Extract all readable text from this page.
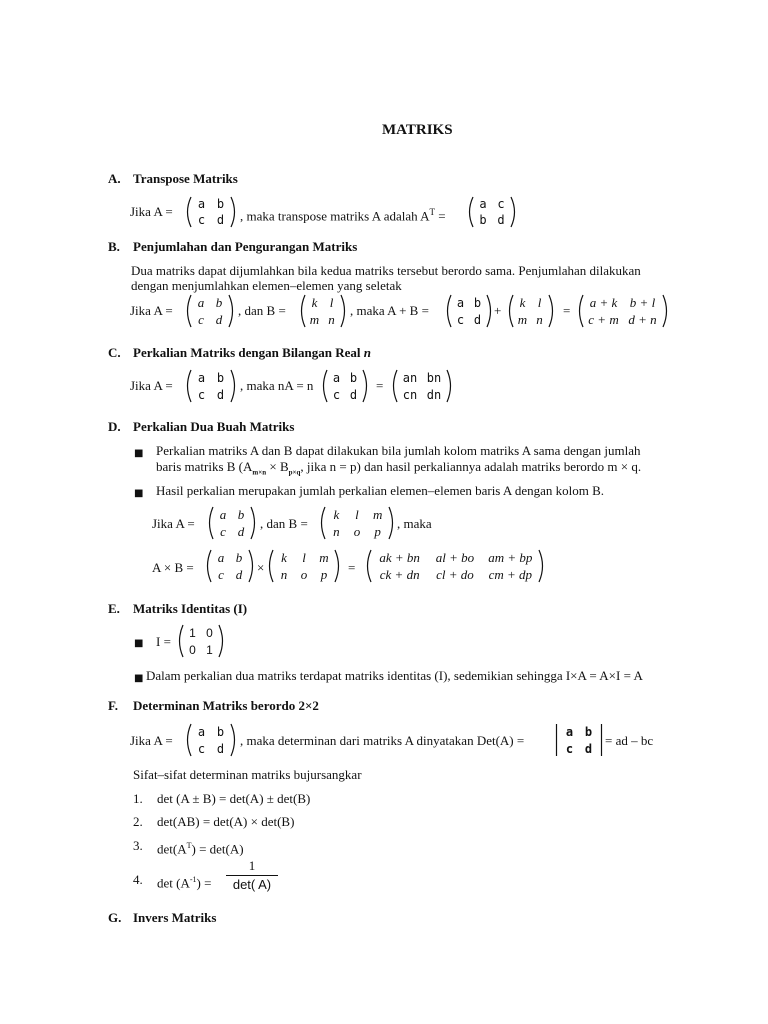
MATRIKS
A. Transpose Matriks
Jika A =	a b
c d	, maka transpose matriks A adalah $A^T$ =
a c
b d
B. Penjumlahan dan Pengurangan Matriks
Dua matriks dapat dijumlahkan bila kedua matriks tersebut berordo sama. Penjumlahan dilakukan
dengan menjumlahkan elemen–elemen yang seletak
Jika A =
a b
c d
, dan B =
k l
m n
, maka A + B =
a b
c d
+
k l
m n
=
a + k b + l
c + m d + n
C. Perkalian Matriks dengan Bilangan Real n
Jika A =
a b
c d
, maka nA = n
a b
c d
=
an bn
cn dn
D. Perkalian Dua Buah Matriks
■ Perkalian matriks A dan B dapat dilakukan bila jumlah kolom matriks A sama dengan jumlah
baris matriks B ($A_{m\times n} \times B_{p\times q}$, jika n = p) dan hasil perkaliannya adalah matriks berordo m × q.
■ Hasil perkalian merupakan jumlah perkalian elemen–elemen baris A dengan kolom B.
Jika A =
a b
c d	, dan B =
k	l	m
n	o	p	, maka
A × B =
a b
c d	×
k	l	m
n	o	p	=
ak + bn	al + bo	am + bp
ck + dn	cl + do	cm + dp
E. Matriks Identitas (I)
■ I =
1 0
0 1
■ Dalam perkalian dua matriks terdapat matriks identitas (I), sedemikian sehingga I×A = A×I = A
F. Determinan Matriks berordo 2×2
Jika A =
a b
c d
, maka determinan dari matriks A dinyatakan Det(A) =
a b
c d
= ad – bc
Sifat–sifat determinan matriks bujursangkar
1. det (A ± B) = det(A) ± det(B)
2. det(AB) = det(A) × det(B)
3. $\det(A^T) = \det(A)$
4. $\det (A^{-1})$ =
1
det( A)
G. Invers Matriks
